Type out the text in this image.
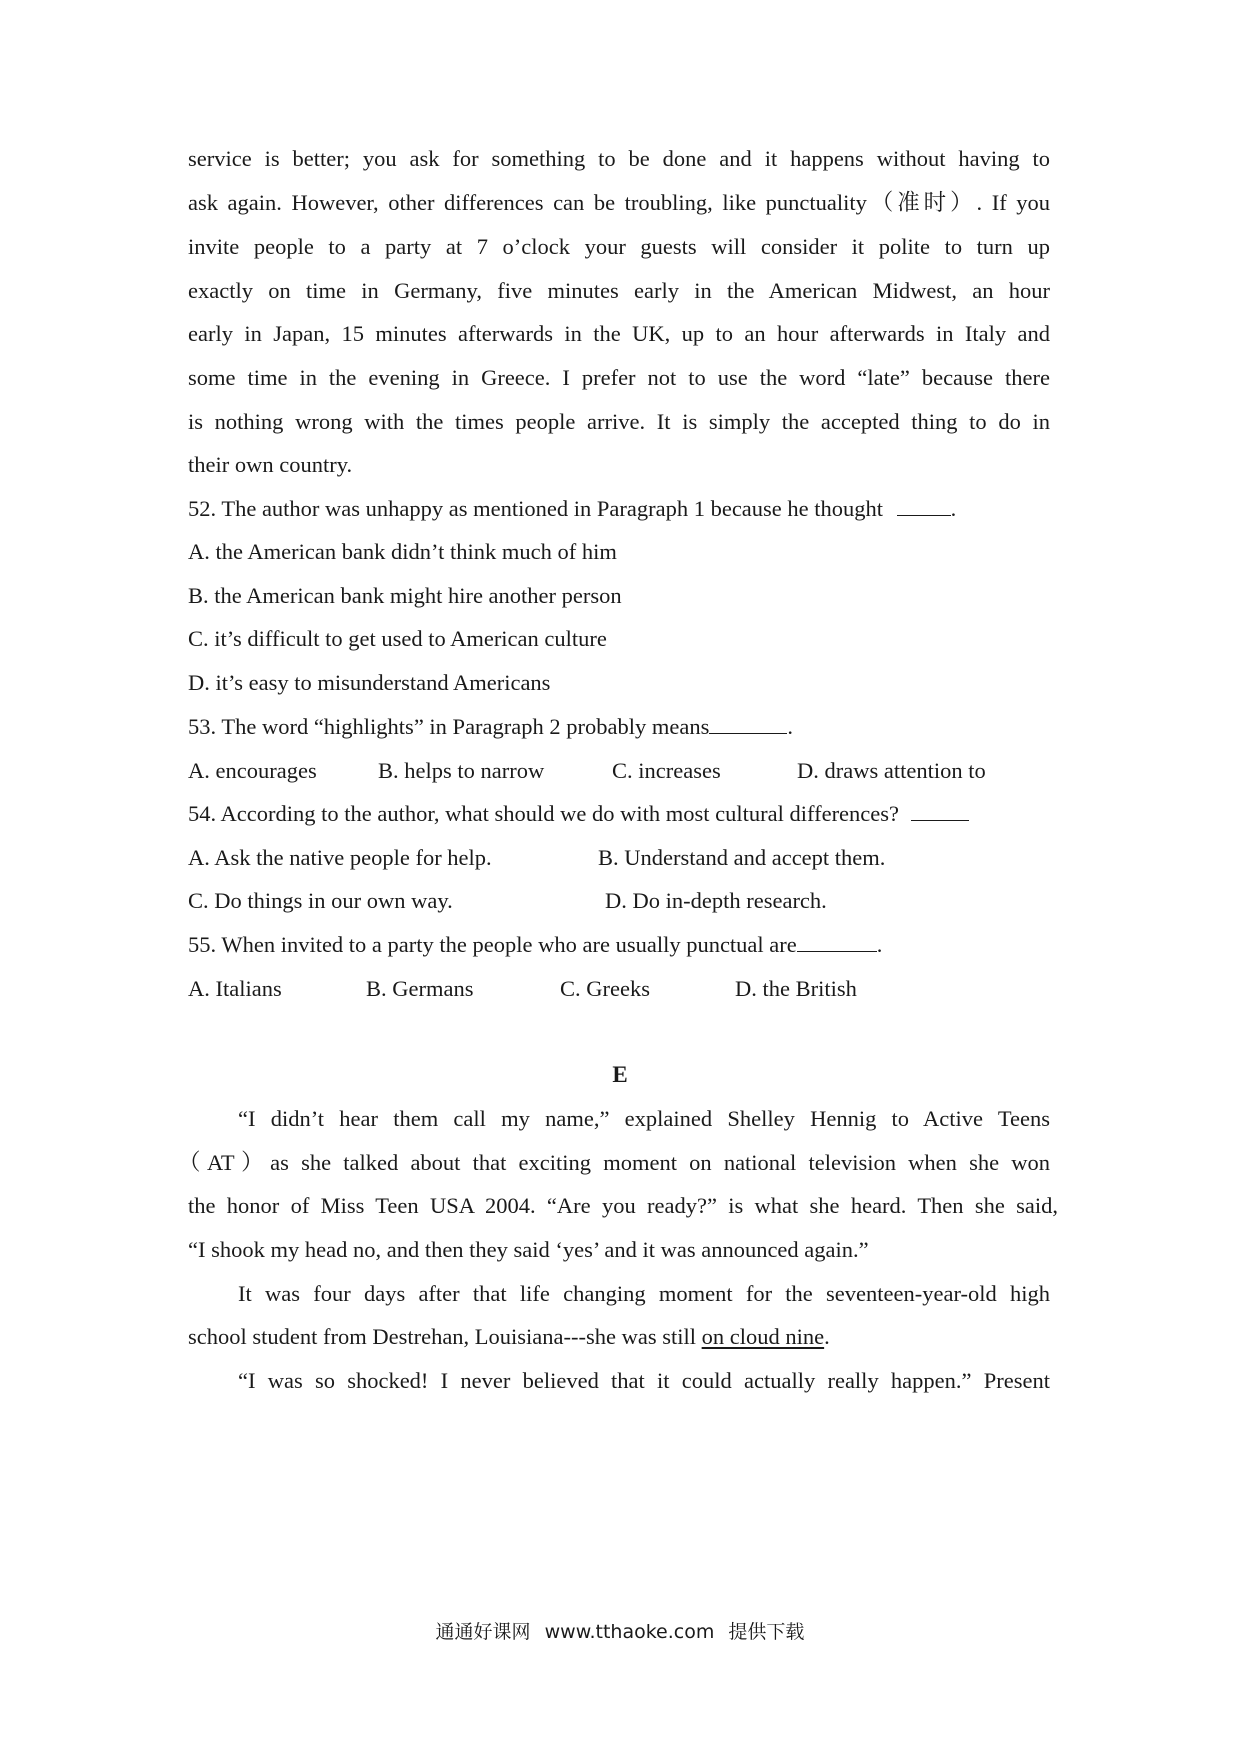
service is better; you ask for something to be done and it happens without having to
ask again. However, other differences can be troubling, like punctuality（准时）. If you
invite people to a party at 7 o’clock your guests will consider it polite to turn up
exactly on time in Germany, five minutes early in the American Midwest, an hour
early in Japan, 15 minutes afterwards in the UK, up to an hour afterwards in Italy and
some time in the evening in Greece. I prefer not to use the word “late” because there
is nothing wrong with the times people arrive. It is simply the accepted thing to do in
their own country.
52. The author was unhappy as mentioned in Paragraph 1 because he thought	.
A. the American bank didn’t think much of him
B. the American bank might hire another person
C. it’s difficult to get used to American culture
D. it’s easy to misunderstand Americans
53. The word “highlights” in Paragraph 2 probably means	.
A. encourages	B. helps to narrow	C. increases	D. draws attention to
54. According to the author, what should we do with most cultural differences?
A. Ask the native people for help.	B. Understand and accept them.
C. Do things in our own way.	D. Do in-depth research.
55. When invited to a party the people who are usually punctual are	.
A. Italians	B. Germans	C. Greeks	D. the British
E
“I didn’t hear them call my name,” explained Shelley Hennig to Active Teens
（AT）as she talked about that exciting moment on national television when she won
the honor of Miss Teen USA 2004. “Are you ready?” is what she heard. Then she said,
“I shook my head no, and then they said ‘yes’ and it was announced again.”
It was four days after that life changing moment for the seventeen-year-old high
school student from Destrehan, Louisiana---she was still on cloud nine.
“I was so shocked! I never believed that it could actually really happen.” Present
通通好课网 www.tthaoke.com 提供下载
